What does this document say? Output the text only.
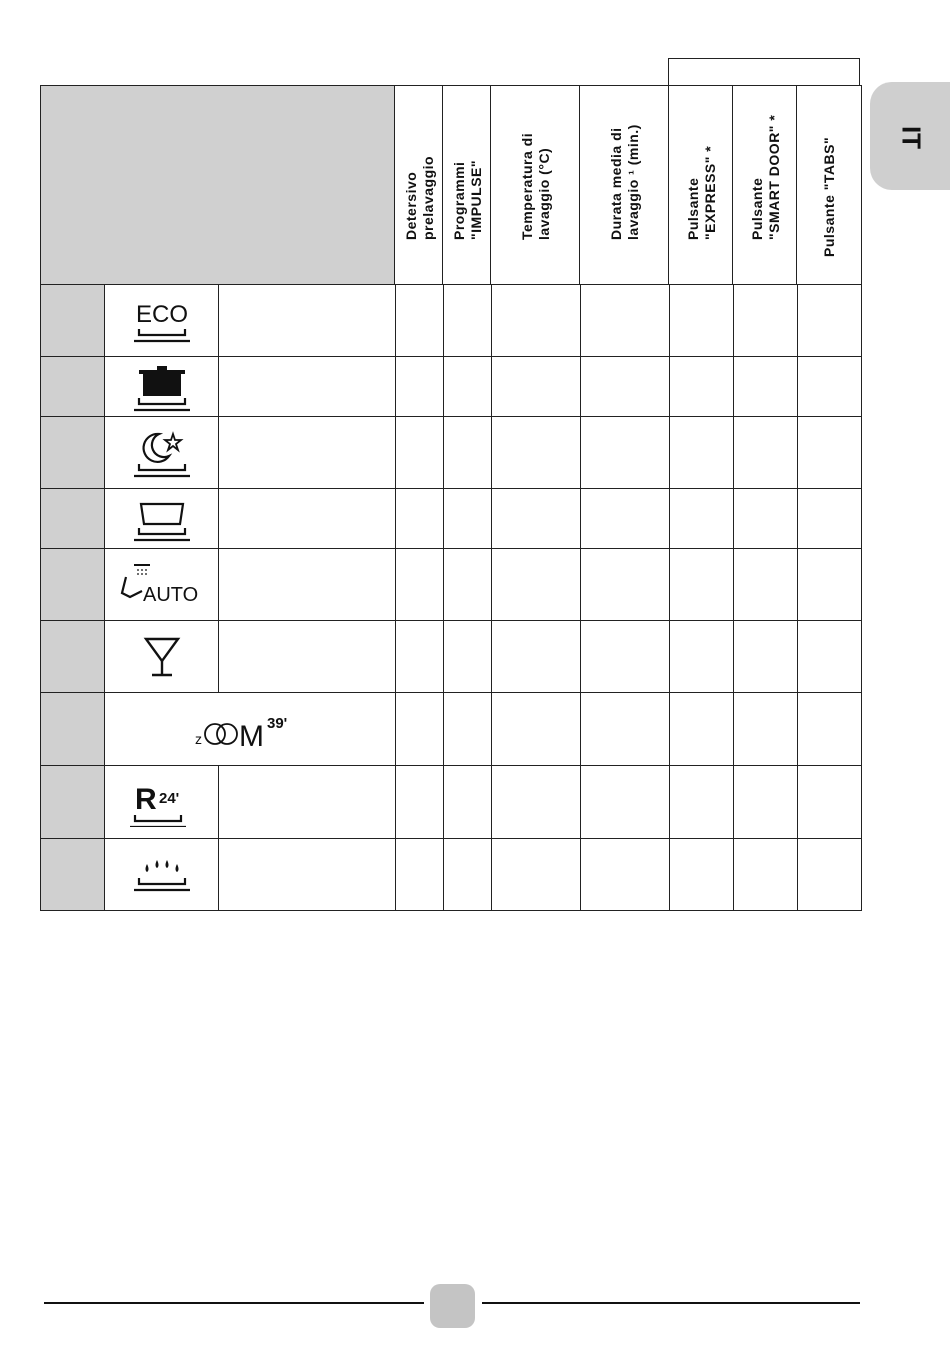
IT
Detersivo
prelavaggio Programmi
"IMPULSE"	Temperatura di
lavaggio (°C)
Durata media di
lavaggio ¹ (min.)
Pulsante
"EXPRESS" *
Pulsante
"SMART DOOR" *
Pulsante "TABS"
ECO
AUTO
z M 39'
R 24'
